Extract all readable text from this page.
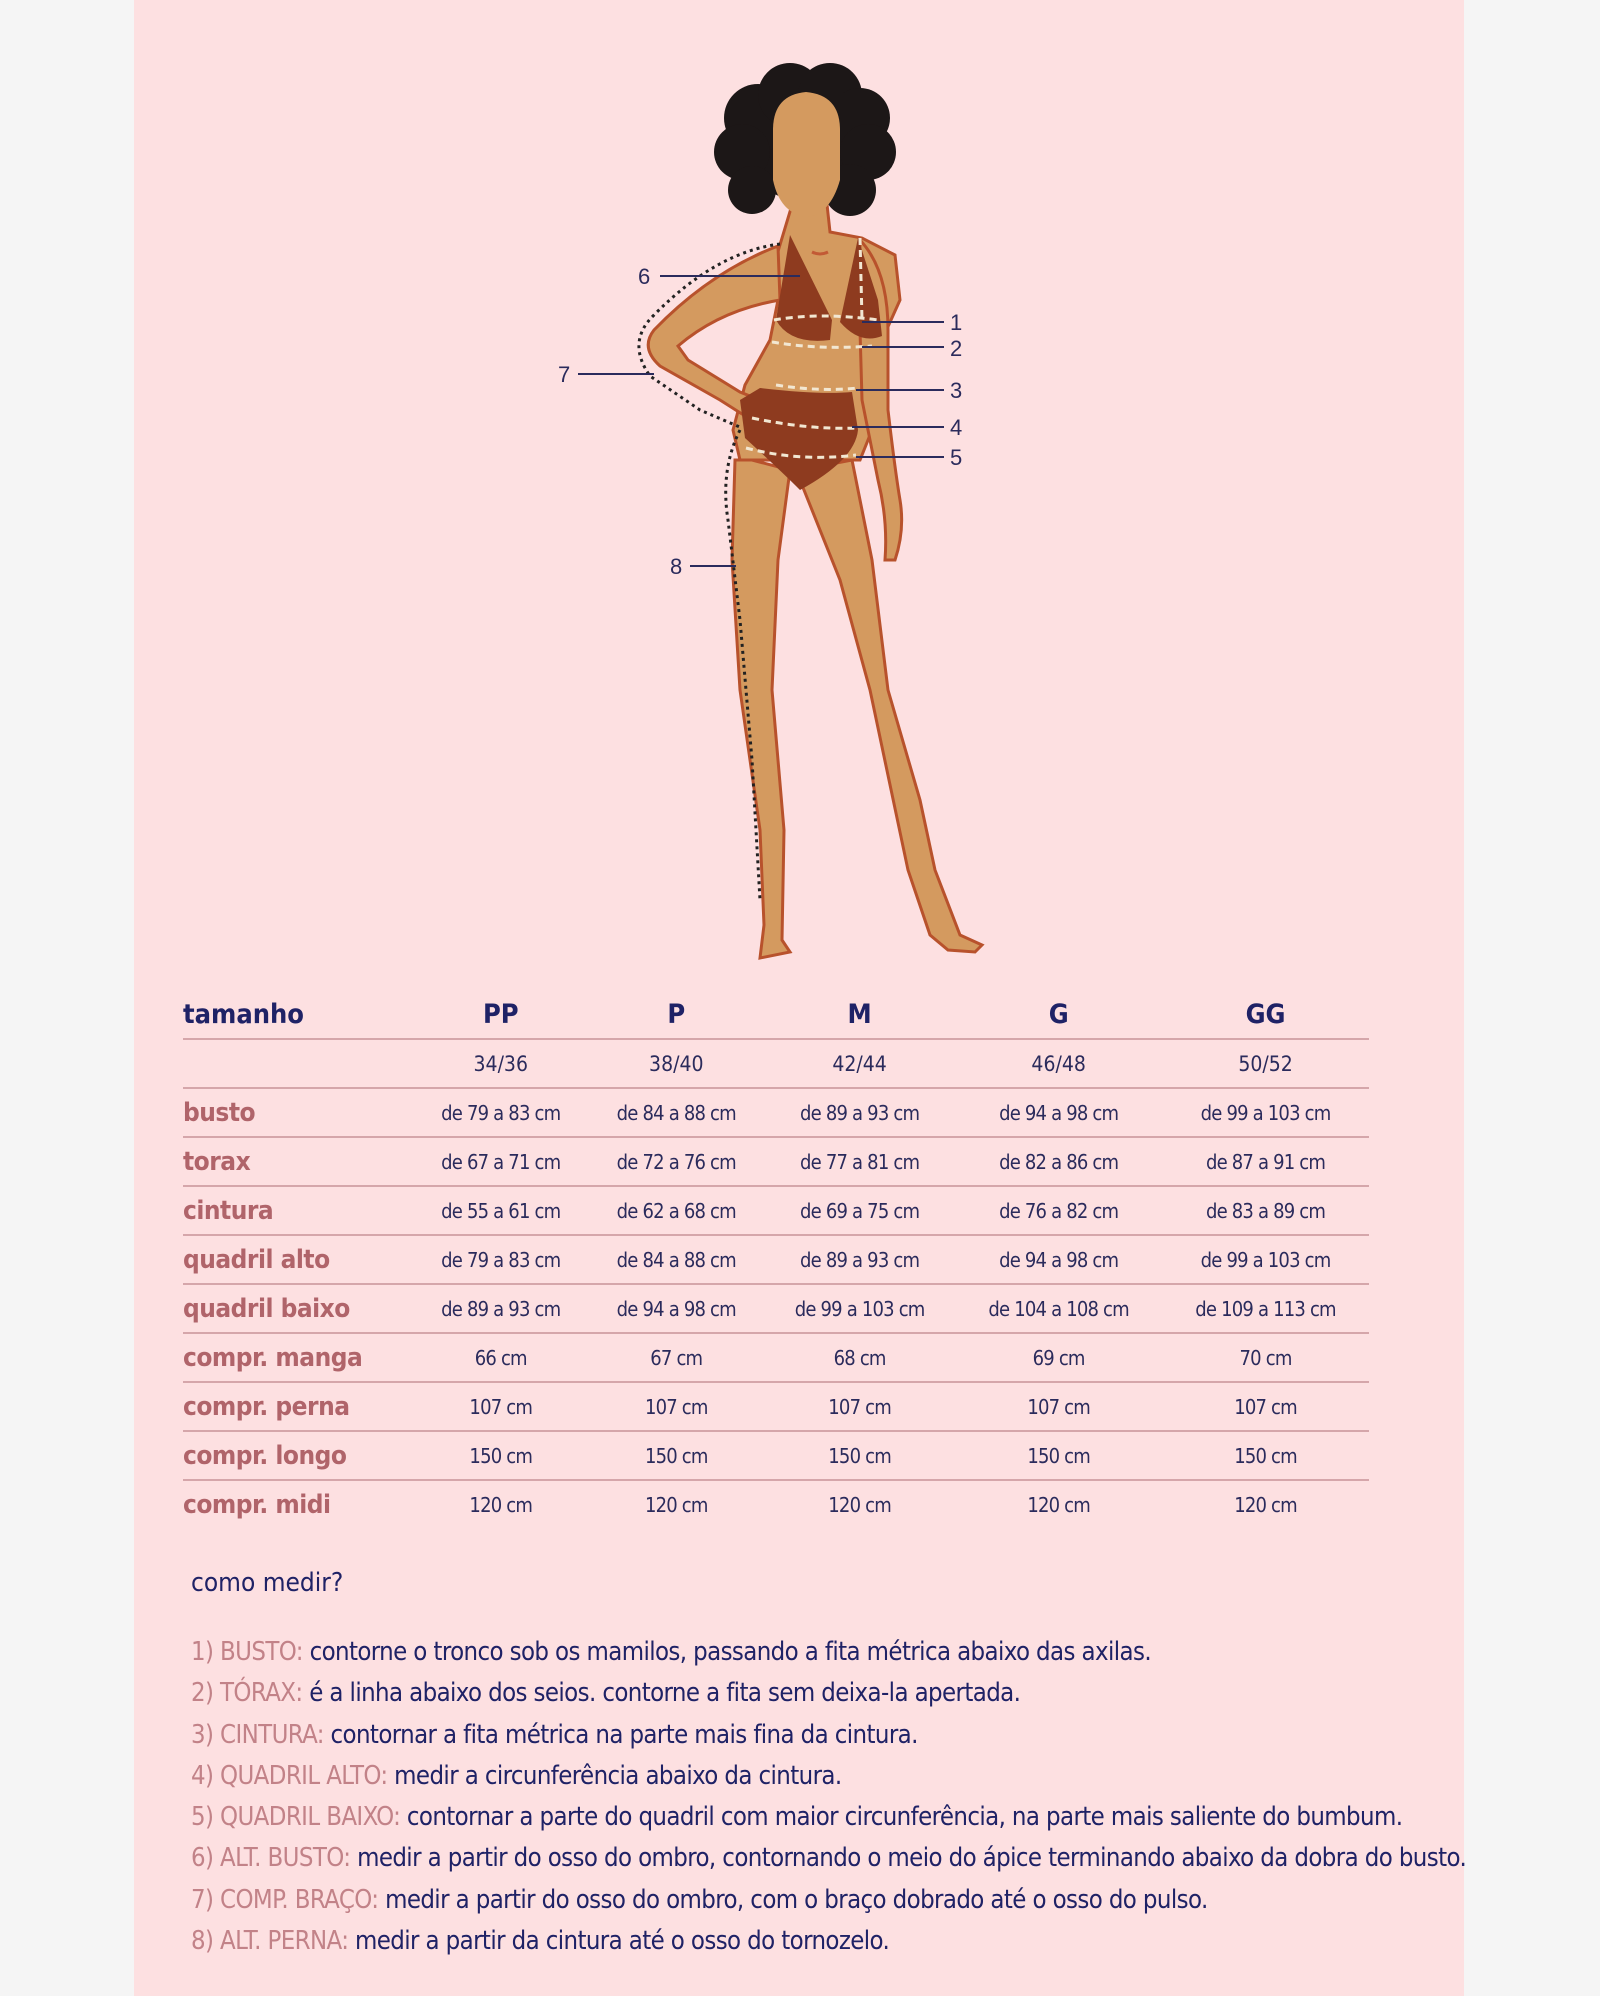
1
2
3
4
5
6
7
8
tamanho	PP	P	M	G	GG
	34/36	38/40	42/44	46/48	50/52
busto	de 79 a 83 cm	de 84 a 88 cm	de 89 a 93 cm	de 94 a 98 cm	de 99 a 103 cm
torax	de 67 a 71 cm	de 72 a 76 cm	de 77 a 81 cm	de 82 a 86 cm	de 87 a 91 cm
cintura	de 55 a 61 cm	de 62 a 68 cm	de 69 a 75 cm	de 76 a 82 cm	de 83 a 89 cm
quadril alto	de 79 a 83 cm	de 84 a 88 cm	de 89 a 93 cm	de 94 a 98 cm	de 99 a 103 cm
quadril baixo	de 89 a 93 cm	de 94 a 98 cm	de 99 a 103 cm	de 104 a 108 cm	de 109 a 113 cm
compr. manga	66 cm	67 cm	68 cm	69 cm	70 cm
compr. perna	107 cm	107 cm	107 cm	107 cm	107 cm
compr. longo	150 cm	150 cm	150 cm	150 cm	150 cm
compr. midi	120 cm	120 cm	120 cm	120 cm	120 cm
como medir?
1) BUSTO: contorne o tronco sob os mamilos, passando a fita métrica abaixo das axilas.
2) TÓRAX: é a linha abaixo dos seios. contorne a fita sem deixa-la apertada.
3) CINTURA: contornar a fita métrica na parte mais fina da cintura.
4) QUADRIL ALTO: medir a circunferência abaixo da cintura.
5) QUADRIL BAIXO: contornar a parte do quadril com maior circunferência, na parte mais saliente do bumbum.
6) ALT. BUSTO: medir a partir do osso do ombro, contornando o meio do ápice terminando abaixo da dobra do busto.
7) COMP. BRAÇO: medir a partir do osso do ombro, com o braço dobrado até o osso do pulso.
8) ALT. PERNA: medir a partir da cintura até o osso do tornozelo.
